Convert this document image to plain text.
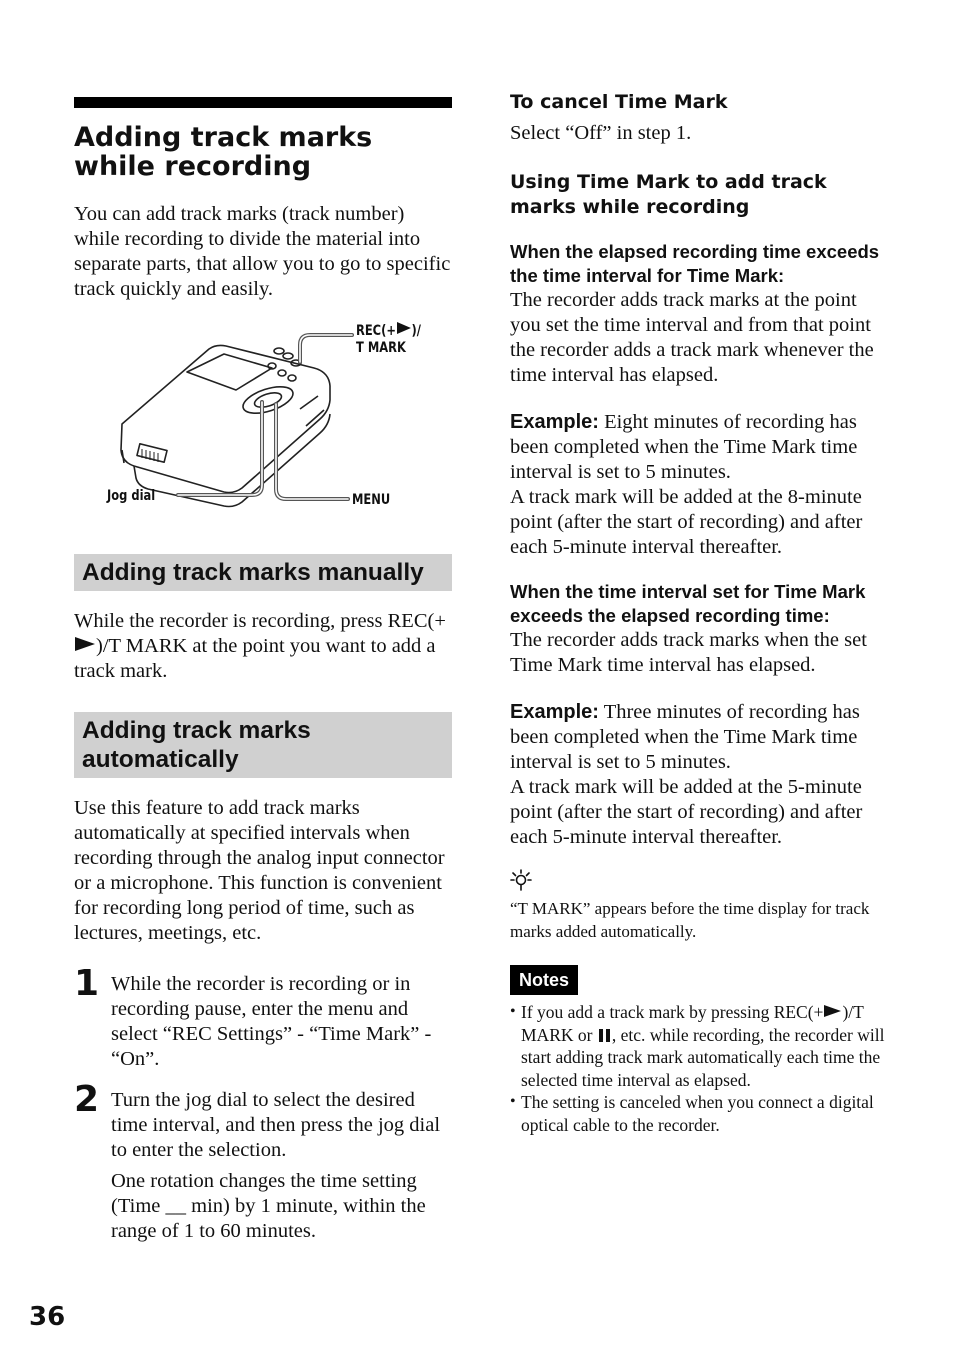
Adding track marks
while recording

You can add track marks (track number) while recording to divide the material into separate parts, that allow you to go to specific track quickly and easily.

REC(+ )/
T MARK
Jog dial	MENU
Adding track marks manually

While the recorder is recording, press REC(+)/T MARK at the point you want to add a track mark.

Adding track marks
automatically

Use this feature to add track marks automatically at specified intervals when recording through the analog input connector or a microphone. This function is convenient for recording long period of time, such as lectures, meetings, etc.

1 While the recorder is recording or in recording pause, enter the menu and select “REC Settings” - “Time Mark” - “On”.

2 Turn the jog dial to select the desired time interval, and then press the jog dial to enter the selection.

One rotation changes the time setting (Time __ min) by 1 minute, within the range of 1 to 60 minutes.

To cancel Time Mark

Select “Off” in step 1.

Using Time Mark to add track
marks while recording
When the elapsed recording time exceeds the time interval for Time Mark:

The recorder adds track marks at the point you set the time interval and from that point the recorder adds a track mark whenever the time interval has elapsed.

Example: Eight minutes of recording has been completed when the Time Mark time interval is set to 5 minutes.
A track mark will be added at the 8-minute point (after the start of recording) and after each 5-minute interval thereafter.

When the time interval set for Time Mark exceeds the elapsed recording time:

The recorder adds track marks when the set Time Mark time interval has elapsed.

Example: Three minutes of recording has been completed when the Time Mark time interval is set to 5 minutes.
A track mark will be added at the 5-minute point (after the start of recording) and after each 5-minute interval thereafter.

“T MARK” appears before the time display for track marks added automatically.

Notes
• If you add a track mark by pressing REC(+ )/T MARK or , etc. while recording, the recorder will start adding track mark automatically each time the selected time interval as elapsed.
• The setting is canceled when you connect a digital optical cable to the recorder.
36
